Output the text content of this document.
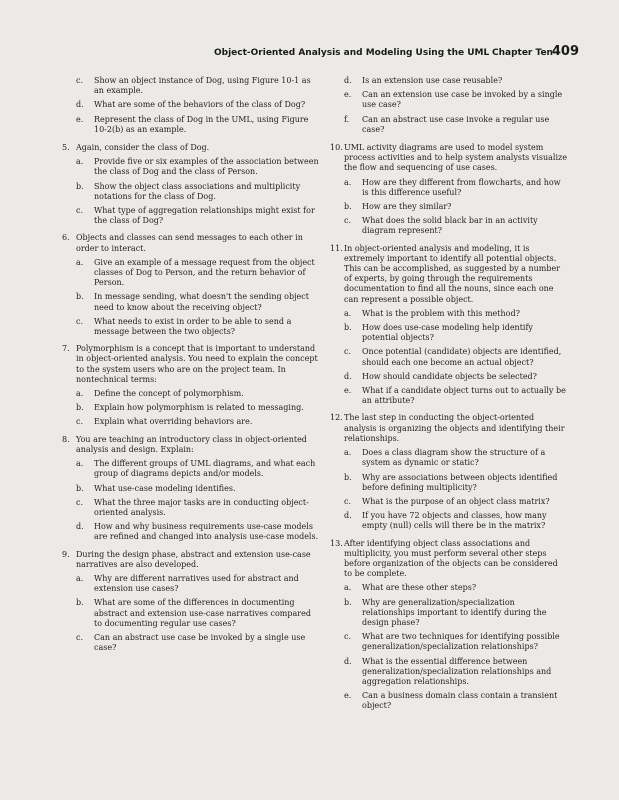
Object-Oriented Analysis and Modeling Using the UML Chapter Ten
409
c.	Show an object instance of Dog, using Figure 10-1 as an example.
d.	What are some of the behaviors of the class of Dog?
e.	Represent the class of Dog in the UML, using Figure 10-2(b) as an example.
5. Again, consider the class of Dog.
a.	Provide five or six examples of the association between the class of Dog and the class of Person.
b.	Show the object class associations and multiplicity notations for the class of Dog.
c.	What type of aggregation relationships might exist for the class of Dog?
6. Objects and classes can send messages to each other in order to interact.
a.	Give an example of a message request from the object classes of Dog to Person, and the return behavior of Person.
b.	In message sending, what doesn't the sending object need to know about the receiving object?
c.	What needs to exist in order to be able to send a message between the two objects?
7. Polymorphism is a concept that is important to understand in object-oriented analysis. You need to explain the concept to the system users who are on the project team. In nontechnical terms:
a.	Define the concept of polymorphism.
b.	Explain how polymorphism is related to messaging.
c.	Explain what overriding behaviors are.
8. You are teaching an introductory class in object-oriented analysis and design. Explain:
a.	The different groups of UML diagrams, and what each group of diagrams depicts and/or models.
b.	What use-case modeling identifies.
c.	What the three major tasks are in conducting object-oriented analysis.
d.	How and why business requirements use-case models are refined and changed into analysis use-case models.
9. During the design phase, abstract and extension use-case narratives are also developed.
a.	Why are different narratives used for abstract and extension use cases?
b.	What are some of the differences in documenting abstract and extension use-case narratives compared to documenting regular use cases?
c.	Can an abstract use case be invoked by a single use case?
d.	Is an extension use case reusable?
e.	Can an extension use case be invoked by a single use case?
f.	Can an abstract use case invoke a regular use case?
10. UML activity diagrams are used to model system process activities and to help system analysts visualize the flow and sequencing of use cases.
a.	How are they different from flowcharts, and how is this difference useful?
b.	How are they similar?
c.	What does the solid black bar in an activity diagram represent?
11. In object-oriented analysis and modeling, it is extremely important to identify all potential objects. This can be accomplished, as suggested by a number of experts, by going through the requirements documentation to find all the nouns, since each one can represent a possible object.
a.	What is the problem with this method?
b.	How does use-case modeling help identify potential objects?
c.	Once potential (candidate) objects are identified, should each one become an actual object?
d.	How should candidate objects be selected?
e.	What if a candidate object turns out to actually be an attribute?
12. The last step in conducting the object-oriented analysis is organizing the objects and identifying their relationships.
a.	Does a class diagram show the structure of a system as dynamic or static?
b.	Why are associations between objects identified before defining multiplicity?
c.	What is the purpose of an object class matrix?
d.	If you have 72 objects and classes, how many empty (null) cells will there be in the matrix?
13. After identifying object class associations and multiplicity, you must perform several other steps before organization of the objects can be considered to be complete.
a.	What are these other steps?
b.	Why are generalization/specialization relationships important to identify during the design phase?
c.	What are two techniques for identifying possible generalization/specialization relationships?
d.	What is the essential difference between generalization/specialization relationships and aggregation relationships.
e.	Can a business domain class contain a transient object?
